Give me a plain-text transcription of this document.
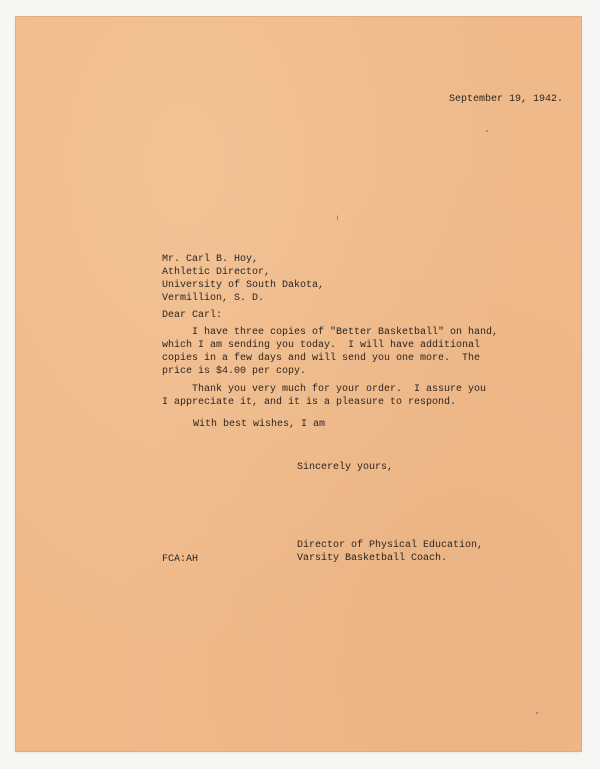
September 19, 1942.

Mr. Carl B. Hoy,
Athletic Director,
University of South Dakota,
Vermillion, S. D.

Dear Carl:

I have three copies of "Better Basketball" on hand,
which I am sending you today.  I will have additional
copies in a few days and will send you one more.  The
price is $4.00 per copy.
Thank you very much for your order.  I assure you
I appreciate it, and it is a pleasure to respond.

With best wishes, I am

Sincerely yours,

Director of Physical Education,
Varsity Basketball Coach.

FCA:AH
